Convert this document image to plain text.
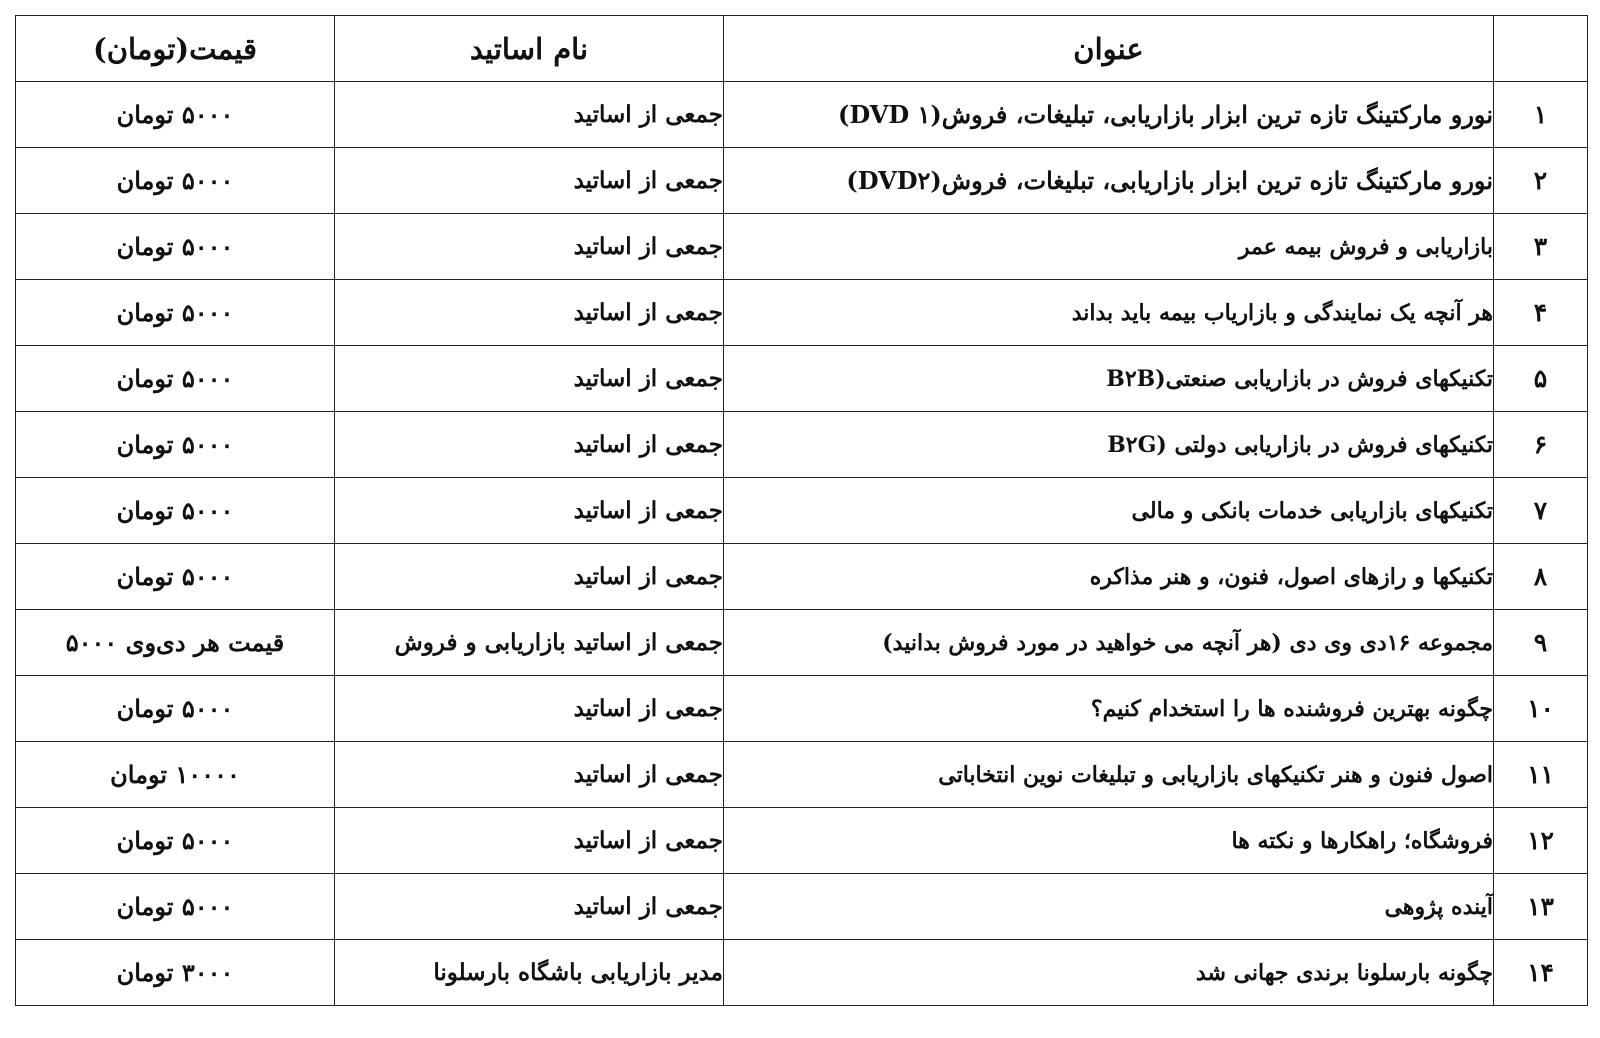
	عنوان	نام اساتید	قیمت(تومان)
۱	نورو مارکتینگ تازه ترین ابزار بازاریابی، تبلیغات، فروش(۱ DVD)	جمعی از اساتید	۵۰۰۰ تومان
۲	نورو مارکتینگ تازه ترین ابزار بازاریابی، تبلیغات، فروش(DVD۲)	جمعی از اساتید	۵۰۰۰ تومان
۳	بازاریابی و فروش بیمه عمر	جمعی از اساتید	۵۰۰۰ تومان
۴	هر آنچه یک نمایندگی و بازاریاب بیمه باید بداند	جمعی از اساتید	۵۰۰۰ تومان
۵	تکنیکهای فروش در بازاریابی صنعتی(B۲B	جمعی از اساتید	۵۰۰۰ تومان
۶	تکنیکهای فروش در بازاریابی دولتی (B۲G	جمعی از اساتید	۵۰۰۰ تومان
۷	تکنیکهای بازاریابی خدمات بانکی و مالی	جمعی از اساتید	۵۰۰۰ تومان
۸	تکنیکها و رازهای اصول، فنون، و هنر مذاکره	جمعی از اساتید	۵۰۰۰ تومان
۹	مجموعه ۱۶دی وی دی (هر آنچه می خواهید در مورد فروش بدانید)	جمعی از اساتید بازاریابی و فروش	قیمت هر دی‌وی ۵۰۰۰
۱۰	چگونه بهترین فروشنده ها را استخدام کنیم؟	جمعی از اساتید	۵۰۰۰ تومان
۱۱	اصول فنون و هنر تکنیکهای بازاریابی و تبلیغات نوین انتخاباتی	جمعی از اساتید	۱۰۰۰۰ تومان
۱۲	فروشگاه؛ راهکارها و نکته ها	جمعی از اساتید	۵۰۰۰ تومان
۱۳	آینده پژوهی	جمعی از اساتید	۵۰۰۰ تومان
۱۴	چگونه بارسلونا برندی جهانی شد	مدیر بازاریابی باشگاه بارسلونا	۳۰۰۰ تومان
